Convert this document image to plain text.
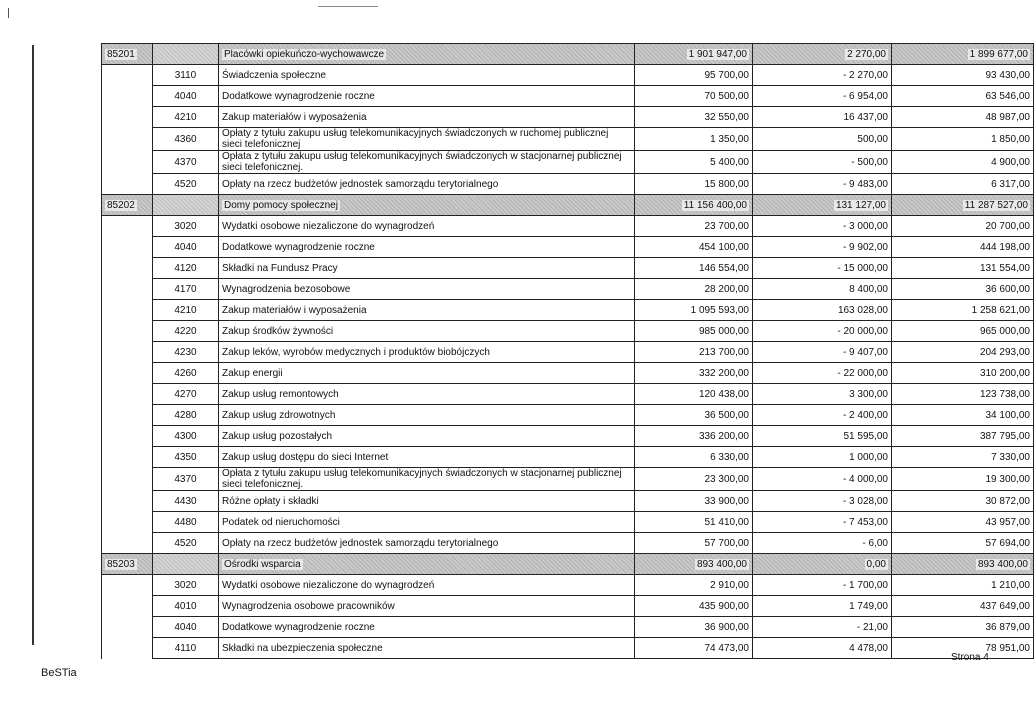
85201		Placówki opiekuńczo-wychowawcze	1 901 947,00	2 270,00	1 899 677,00
	3110	Świadczenia społeczne	95 700,00	- 2 270,00	93 430,00
	4040	Dodatkowe wynagrodzenie roczne	70 500,00	- 6 954,00	63 546,00
	4210	Zakup materiałów i wyposażenia	32 550,00	16 437,00	48 987,00
	4360	Opłaty z tytułu zakupu usług telekomunikacyjnych świadczonych w ruchomej publicznej sieci telefonicznej	1 350,00	500,00	1 850,00
	4370	Opłata z tytułu zakupu usług telekomunikacyjnych świadczonych w stacjonarnej publicznej sieci telefonicznej.	5 400,00	- 500,00	4 900,00
	4520	Opłaty na rzecz budżetów jednostek samorządu terytorialnego	15 800,00	- 9 483,00	6 317,00
85202		Domy pomocy społecznej	11 156 400,00	131 127,00	11 287 527,00
	3020	Wydatki osobowe niezaliczone do wynagrodzeń	23 700,00	- 3 000,00	20 700,00
	4040	Dodatkowe wynagrodzenie roczne	454 100,00	- 9 902,00	444 198,00
	4120	Składki na Fundusz Pracy	146 554,00	- 15 000,00	131 554,00
	4170	Wynagrodzenia bezosobowe	28 200,00	8 400,00	36 600,00
	4210	Zakup materiałów i wyposażenia	1 095 593,00	163 028,00	1 258 621,00
	4220	Zakup środków żywności	985 000,00	- 20 000,00	965 000,00
	4230	Zakup leków, wyrobów medycznych i produktów biobójczych	213 700,00	- 9 407,00	204 293,00
	4260	Zakup energii	332 200,00	- 22 000,00	310 200,00
	4270	Zakup usług remontowych	120 438,00	3 300,00	123 738,00
	4280	Zakup usług zdrowotnych	36 500,00	- 2 400,00	34 100,00
	4300	Zakup usług pozostałych	336 200,00	51 595,00	387 795,00
	4350	Zakup usług dostępu do sieci Internet	6 330,00	1 000,00	7 330,00
	4370	Opłata z tytułu zakupu usług telekomunikacyjnych świadczonych w stacjonarnej publicznej sieci telefonicznej.	23 300,00	- 4 000,00	19 300,00
	4430	Różne opłaty i składki	33 900,00	- 3 028,00	30 872,00
	4480	Podatek od nieruchomości	51 410,00	- 7 453,00	43 957,00
	4520	Opłaty na rzecz budżetów jednostek samorządu terytorialnego	57 700,00	- 6,00	57 694,00
85203		Ośrodki wsparcia	893 400,00	0,00	893 400,00
	3020	Wydatki osobowe niezaliczone do wynagrodzeń	2 910,00	- 1 700,00	1 210,00
	4010	Wynagrodzenia osobowe pracowników	435 900,00	1 749,00	437 649,00
	4040	Dodatkowe wynagrodzenie roczne	36 900,00	- 21,00	36 879,00
	4110	Składki na ubezpieczenia społeczne	74 473,00	4 478,00	78 951,00
BeSTia
Strona 4
